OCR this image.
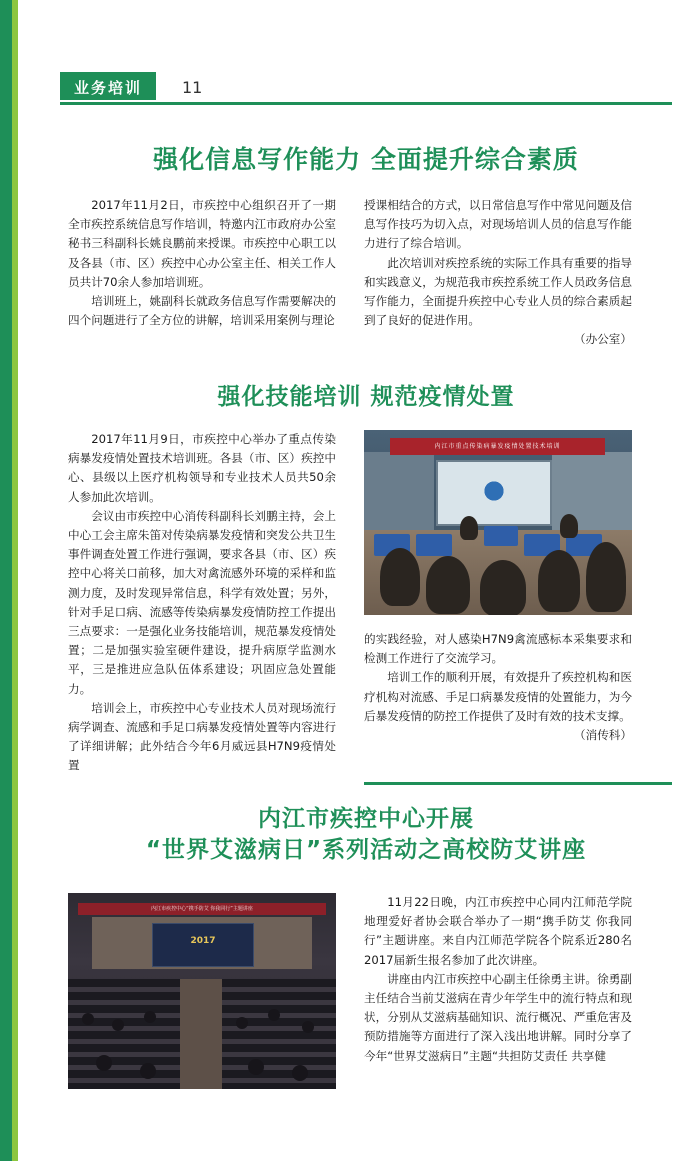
业务培训	11
强化信息写作能力 全面提升综合素质

2017年11月2日，市疾控中心组织召开了一期全市疾控系统信息写作培训，特邀内江市政府办公室秘书三科副科长姚良鹏前来授课。市疾控中心职工以及各县（市、区）疾控中心办公室主任、相关工作人员共计70余人参加培训班。

培训班上，姚副科长就政务信息写作需要解决的四个问题进行了全方位的讲解，培训采用案例与理论

授课相结合的方式，以日常信息写作中常见问题及信息写作技巧为切入点，对现场培训人员的信息写作能力进行了综合培训。

此次培训对疾控系统的实际工作具有重要的指导和实践意义，为规范我市疾控系统工作人员政务信息写作能力，全面提升疾控中心专业人员的综合素质起到了良好的促进作用。

（办公室）

强化技能培训 规范疫情处置

2017年11月9日，市疾控中心举办了重点传染病暴发疫情处置技术培训班。各县（市、区）疾控中心、县级以上医疗机构领导和专业技术人员共50余人参加此次培训。

会议由市疾控中心消传科副科长刘鹏主持，会上中心工会主席朱笛对传染病暴发疫情和突发公共卫生事件调查处置工作进行强调，要求各县（市、区）疾控中心将关口前移，加大对禽流感外环境的采样和监测力度，及时发现异常信息，科学有效处置；另外，针对手足口病、流感等传染病暴发疫情防控工作提出三点要求：一是强化业务技能培训，规范暴发疫情处置；二是加强实验室硬件建设，提升病原学监测水平，三是推进应急队伍体系建设；巩固应急处置能力。

培训会上，市疾控中心专业技术人员对现场流行病学调查、流感和手足口病暴发疫情处置等内容进行了详细讲解；此外结合今年6月威远县H7N9疫情处置

内江市重点传染病暴发疫情处置技术培训

的实践经验，对人感染H7N9禽流感标本采集要求和检测工作进行了交流学习。

培训工作的顺利开展，有效提升了疾控机构和医疗机构对流感、手足口病暴发疫情的处置能力，为今后暴发疫情的防控工作提供了及时有效的技术支撑。

（消传科）

内江市疾控中心开展
“世界艾滋病日”系列活动之高校防艾讲座
内江市疾控中心“携手防艾 你我同行”主题讲座
2017

11月22日晚，内江市疾控中心同内江师范学院地理爱好者协会联合举办了一期“携手防艾 你我同行”主题讲座。来自内江师范学院各个院系近280名2017届新生报名参加了此次讲座。

讲座由内江市疾控中心副主任徐勇主讲。徐勇副主任结合当前艾滋病在青少年学生中的流行特点和现状，分别从艾滋病基础知识、流行概况、严重危害及预防措施等方面进行了深入浅出地讲解。同时分享了今年“世界艾滋病日”主题“共担防艾责任 共享健
